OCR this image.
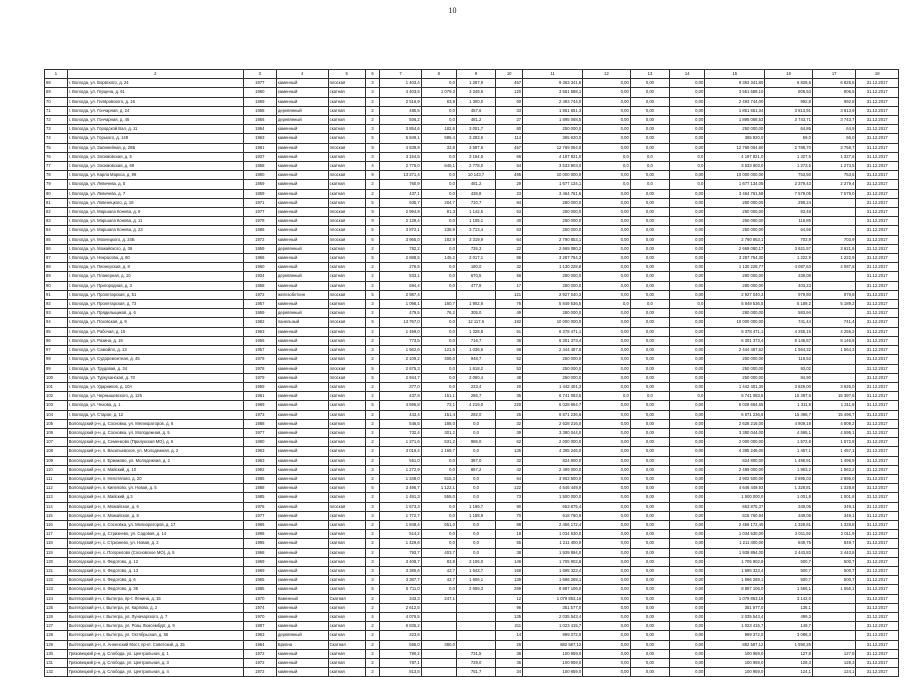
10
1	2	3	4	5	6	7	8	9	10	11	12	13	14	15	16	17	18
68	г. Вологда, ул. Ворвского, д. 24	1977	каменный	плоская	3	1 403,4	0,0	1 267,9	457	9 363 341,8	0,00	0,00	0,00	9 363 341,80	6 828,6	6 828,6	31.12.2017
69	г. Вологда, ул. Герцена, д. 61	1960	каменный	скатная	3	4 403,5	1 079,3	3 349,6	120	3 551 588,1	0,00	0,00	0,00	3 551 588,10	806,53	806,5	31.12.2017
70	г. Вологда, ул. Гиляровского, д. 16	1969	каменный	скатная	2	2 516,9	63,9	1 300,0	60	2 493 744,0	0,00	0,00	0,00	2 493 744,00	992,8	992,8	31.12.2017
71	г. Вологда, ул. Гончарная, д. 24	1958	деревянный	скатная	2	485,5	0,0	457,6	33	1 851 651,3	0,00	0,00	0,00	1 851 651,34	3 813,91	3 813,9	31.12.2017
72	г. Вологда, ул. Гончарная, д. 45	1956	деревянный	скатная	2	506,2	0,0	481,2	27	1 895 068,5	0,00	0,00	0,00	1 895 068,53	3 743,71	3 743,7	31.12.2017
73	г. Вологда, ул. Городской Вал, д. 11	1964	каменный	скатная	3	3 854,6	182,6	3 001,7	80	250 000,0	0,00	0,00	0,00	250 000,00	64,86	64,9	31.12.2017
74	г. Вологда, ул. Горького, д. 148	1963	каменный	скатная	5	5 849,1	595,4	3 283,6	114	365 920,0	0,00	0,00	0,00	365 920,0	69,0	66,0	31.12.2017
75	г. Вологда, ул. Залинейная, д. 28Б	1981	каменный	плоская	9	4 639,9	33,8	3 597,6	457	12 769 054,8	0,00	0,00	0,00	12 769 054,80	2 788,70	2 758,7	31.12.2017
76	г. Вологда, ул. Зосимовская, д. 5	1937	каменный	скатная	3	3 154,5	0,0	3 154,5	66	4 187 821,0	0,0	0,0	0,0	4 187 821,0	1 327,6	1 327,6	31.12.2017
77	г. Вологда, ул. Зосимовская, д. 69	1958	каменный	скатная	4	2 775,0	645,1	2 778,0	54	3 533 903,0	0,0	0,0	0,0	3 533 903,0	1 273,5	1 273,5	31.12.2017
78	г. Вологда, ул. Карла Маркса, д. 98	1990	каменный	плоская	9	13 271,4	0,0	10 143,7	495	10 000 000,0	0,00	0,00	0,00	10 000 000,00	753,50	753,5	31.12.2017
79	г. Вологда, ул. Левичева, д. 5	1959	каменный	скатная	2	760,9	0,0	481,2	29	1 677 134,1	0,0	0,0	0,0	1 677 134,05	2 379,43	2 379,4	31.12.2017
80	г. Вологда, ул. Левичева, д. 7	1959	каменный	скатная	2	437,1	0,0	436,8	23	3 464 761,6	0,00	0,00	0,00	3 464 761,58	7 579,05	7 579,0	31.12.2017
81	г. Вологда, ул. Ловенецкого, д. 18	1971	каменный	скатная	5	935,7	204,7	710,7	84	280 000,0	0,00	0,00	0,00	280 000,00	299,24		31.12.2017
82	г. Вологда, ул. Маршала Конева, д. 9	1977	каменный	плоская	9	2 994,9	81,3	1 142,5	53	250 000,0	0,00	0,00	0,00	250 000,00	83,48		31.12.2017
83	г. Вологда, ул. Маршала Конева, д. 11	1978	каменный	плоская	9	2 139,4	0,0	1 105,1	40	250 000,0	0,00	0,00	0,00	250 000,00	116,86		31.12.2017
84	г. Вологда, ул. Маршала Конева, д. 23	1986	каменный	плоская	5	3 872,1	238,9	3 713,4	53	250 000,0	0,00	0,00	0,00	250 000,00	64,56		31.12.2017
85	г. Вологда, ул. Мохнецкого, д. 24Б	1972	каменный	плоская	5	3 965,0	182,9	3 319,9	64	2 790 853,1	0,00	0,00	0,00	2 790 853,1	703,9	703,9	31.12.2017
86	г. Вологда, ул. Можайского, д. 36	1959	деревянный	скатная	2	782,2	0,0	735,3	22	2 669 080,2	0,00	0,00	0,00	2 669 080,17	3 621,57	3 621,6	31.12.2017
87	г. Вологда, ул. Некрасова, д. 60	1966	каменный	скатная	5	2 688,5	145,2	2 017,1	86	3 287 764,3	0,00	0,00	0,00	3 287 764,30	1 222,9	1 222,9	31.12.2017
88	г. Вологда, ул. Пионерская, д. 8	1960	каменный	скатная	2	276,5	0,0	180,0	32	1 130 228,8	0,00	0,00	0,00	1 130 228,77	4 087,63	4 087,6	31.12.2017
89	г. Вологда, ул. Планерная, д. 10	1934	деревянный	скатная	2	833,1	0,0	670,5	58	280 000,0	0,00	0,00	0,00	280 000,00	336,09		31.12.2017
90	г. Вологда, ул. Пригородная, д. 3	1958	каменный	скатная	2	694,4	0,0	477,8	17	280 000,0	0,00	0,00	0,00	280 000,00	403,23		31.12.2017
91	г. Вологда, ул. Пролетарская, д. 51	1972	железобетонн	плоская	5	2 987,4			121	2 927 040,3	0,00	0,00	0,00	2 927 040,3	979,80	979,8	31.12.2017
92	г. Вологда, ул. Пролетарская, д. 73	1957	каменный	скатная	3	1 098,1	160,7	1 902,6	76	5 849 536,5	0,0	0,0	0,0	5 849 536,5	5 189,2	5 189,2	31.12.2017
93	г. Вологда, ул. Прядильщиков, д. 6	1959	деревянный	скатная	2	479,5	76,2	305,0	49	280 000,0	0,00	0,00	0,00	280 000,00	583,94		31.12.2017
94	г. Вологда, ул. Псковская, д. 9	1982	панельный	плоская	9	13 767,0	0,0	12 117,6	192	10 000 000,0	0,00	0,00	0,00	10 000 000,00	741,44	741,4	31.12.2017
95	г. Вологда, ул. Рабочая, д. 15	1963	каменный	скатная	2	1 499,0	0,0	1 328,8	51	6 378 471,1	0,00	0,00	0,00	6 378 471,1	4 255,15	4 255,2	31.12.2017
96	г. Вологда, ул. Разина, д. 19	1956	каменный	скатная	2	773,5	0,0	716,7	36	6 301 373,4	0,00	0,00	0,00	6 301 373,4	8 146,57	8 146,6	31.12.2017
97	г. Вологда, ул. Самойло, д. 13	1957	каменный	скатная	3	1 562,6	121,5	1 036,6	66	2 444 487,6	0,00	0,00	0,00	2 444 487,62	1 564,32	1 564,3	31.12.2017
98	г. Вологда, ул. Судоремонтная, д. 45	1979	каменный	скатная	2	2 109,2	406,0	948,7	52	250 000,0	0,00	0,00	0,00	250 000,00	118,53		31.12.2017
99	г. Вологда, ул. Трудовая, д. 34	1978	каменный	плоская	5	2 675,3	0,0	1 618,2	53	250 000,0	0,00	0,00	0,00	250 000,00	93,02		31.12.2017
100	г. Вологда, ул. Туркуханская, д. 70	1979	каменный	плоская	5	2 944,7	0,0	2 060,4	48	250 000,0	0,00	0,00	0,00	250 000,00	84,90		31.12.2017
101	г. Вологда, ул. Ударников, д. 10А	1959	каменный	скатная	2	377,0	0,0	223,4	20	1 442 401,3	0,00	0,00	0,00	1 442 401,30	3 826,00	3 826,0	31.12.2017
102	г. Вологда, ул. Чернышевского, д. 125	1961	каменный	скатная	2	437,8	151,1	286,7	35	6 741 083,5	0,0	0,0	0,0	6 741 083,5	15 397,6	15 397,6	31.12.2017
103	г. Вологда, ул. Чехова, д. 1	1969	каменный	скатная	5	4 595,8	72,1	4 219,0	220	6 028 664,7	0,00	0,00	0,00	6 028 664,65	1 311,8	1 311,8	31.12.2017
104	г. Вологда, ул. Старое, д. 12	1973	каменный	скатная	2	443,4	151,4	292,0	25	6 871 236,6	0,00	0,00	0,00	6 871 236,6	15 496,7	15 496,7	31.12.2017
105	Вологодский р-н, д. Сосновка, ул. Мелиораторов, д. 6	1988	каменный	скатная	2	546,5	188,0	0,0	32	2 628 216,0	0,00	0,00	0,00	2 628 216,00	4 809,19	4 809,2	31.12.2017
106	Вологодский р-н, д. Сосновка, ул. Молодежная, д. 5	1977	каменный	скатная	2	732,4	301,2	0,0	39	3 380 044,0	0,00	0,00	0,00	3 380 044,00	4 595,1	4 595,1	31.12.2017
107	Вологодский р-н, д. Семенково (Прилукская МО), д. 5	1980	каменный	скатная	2	1 271,6	531,2	986,0	62	2 000 000,0	0,00	0,00	0,00	2 000 000,00	1 572,8	1 572,8	31.12.2017
108	Вологодский р-н, п. Васильевское, ул. Молодежная, д. 2	1983	каменный	скатная	2	3 016,4	1 169,7	0,0	135	4 395 246,0	0,00	0,00	0,00	4 395 246,00	1 457,1	1 457,1	31.12.2017
109	Вологодский р-н, п. Ермаково, ул. Молодежная, д. 2	1983	каменный	скатная	2	551,0	0,0	367,0	32	824 800,0	0,00	0,00	0,00	824 800,00	1 496,91	1 496,9	31.12.2017
110	Вологодский р-н, п. Майский, д. 10	1982	каменный	скатная	3	1 272,9	0,0	867,2	42	2 499 000,0	0,00	0,00	0,00	2 499 000,00	1 963,2	1 963,2	31.12.2017
111	Вологодский р-н, п. Непотягово, д. 20	1985	каменный	скатная	2	1 348,0	515,3	0,0	64	3 902 500,0	0,00	0,00	0,00	3 902 500,00	2 895,03	2 895,0	31.12.2017
112	Вологодский р-н, п. Кипелово, ул. Новая, д. 5	1988	каменный	скатная	5	3 496,7	1 122,1	0,0	122	4 646 449,9	0,00	0,00	0,00	4 646 449,93	1 328,81	1 328,8	31.12.2017
113	Вологодский р-н, п. Майский, д.3	1985	каменный	скатная	2	1 491,3	555,0	0,0	73	1 500 000,0	0,00	0,00	0,00	1 500 000,0	1 001,8	1 001,8	31.12.2017
114	Вологодский р-н, п. Можайское, д. 6	1976	каменный	плоская	3	1 673,3	0,0	1 199,7	90	653 875,4	0,00	0,00	0,00	653 875,37	349,05	349,1	31.12.2017
115	Вологодский р-н, п. Можайское, д. 8	1977	каменный	скатная	3	1 772,7	0,0	1 158,9	70	618 760,9	0,00	0,00	0,00	618 760,94	349,05	349,1	31.12.2017
116	Вологодский р-н, п. Сосновка, ул. Мелиораторов, д. 17	1966	каменный	скатная	2	1 848,4	651,0	0,0	98	2 456 172,4	0,00	0,00	0,00	2 456 172,40	1 328,81	1 328,8	31.12.2017
117	Вологодский р-н, д. Стризнево, ул. Садовая, д. 14	1996	каменный	скатная	2	514,2	0,0	0,0	18	1 034 530,0	0,00	0,00	0,00	1 034 530,00	2 011,92	2 011,9	31.12.2017
118	Вологодский р-н, с. Стризнево, ул. Новая, д. 2	1995	каменный	скатная	2	1 429,6	0,0	0,0	55	1 211 400,0	0,00	0,00	0,00	1 211 400,00	849,75	849,7	31.12.2017
119	Вологодский р-н, с. Погорелово (Сосновское МО), д. 5	1968	каменный	скатная	2	793,7	403,7	0,0	38	1 939 894,0	0,00	0,00	0,00	1 939 894,00	2 443,83	2 443,8	31.12.2017
120	Вологодский р-н, п. Федотово, д. 12	1969	каменный	скатная	3	3 408,7	83,8	2 106,0	146	1 705 902,8	0,00	0,00	0,00	1 705 902,8	500,7	500,7	31.12.2017
121	Вологодский р-н, п. Федотово, д. 13	1969	каменный	скатная	3	3 385,6	42,7	1 643,7	168	1 695 323,4	0,00	0,00	0,00	1 695 323,4	500,7	500,7	31.12.2017
122	Вологодский р-н, п. Федотово, д. 6	1965	каменный	скатная	3	3 387,7	42,7	1 606,1	139	1 696 269,1	0,00	0,00	0,00	1 696 269,1	500,7	500,7	31.12.2017
123	Вологодский р-н, п. Федотово, д. 35	1985	каменный	скатная	5	5 711,0	0,0	2 659,3	299	8 887 106,0	0,00	0,00	0,00	8 887 106,0	1 556,1	1 556,1	31.12.2017
124	Вытегорский р-н, г. Вытегра, пр-т. Ленина, д. 15	1970	Каменный	Скатная	2	343,3	247,1		12	1 079 853,16	0,00	0,00	0,00	1 079 853,16	3 142,0		31.12.2017
125	Вытегорский р-н, г. Вытегра, ул. Карпова, д. 2	1974	каменный	скатная	2	2 612,5			96	351 577,0	0,00	0,00	0,00	351 577,0	135,1		31.12.2017
126	Вытегорский р-н, г. Вытегра, ул. Луначарского, д. 7	1970	каменный	скатная	4	4 076,5			135	2 035 543,4	0,00	0,00	0,00	2 035 543,4	499,3		31.12.2017
127	Вытегорский р-н, г. Вытегра, ул. Розы Люксембург, д. 9	1987	каменный	скатная	2	6 835,2			211	1 023 415,7	0,00	0,00	0,00	1 023 415,7	149,7		31.12.2017
128	Вытегорский р-н, г. Вытегра, ул. Октябрьская, д. 55	1983	деревянный	скатная	2	323,6			14	999 372,0	0,00	0,00	0,00	999 372,0	3 088,3		31.12.2017
129	Вытегорский р-н, п. Анненский Мост, пр-кт. Советский, д. 25	1964	Бревна	Скатная	2	555,0	380,0		26	882 587,12	0,00	0,00	0,00	882 587,12	1 590,26		31.12.2017
130	Грязовецкий р-н, д. Слобода, ул. Центральная, д. 1	1972	каменный	скатная	2	790,2		731,5	36	100 959,0	0,00	0,00	0,00	100 959,0	127,8	127,8	31.12.2017
131	Грязовецкий р-н, д. Слобода, ул. Центральная, д. 3	1972	каменный	скатная	2	787,1		729,0	36	100 959,0	0,00	0,00	0,00	100 959,0	128,3	128,3	31.12.2017
132	Грязовецкий р-н, д. Слобода, ул. Центральная, д. 4	1972	каменный	скатная	2	813,5		751,7	34	100 959,0	0,00	0,00	0,00	100 959,0	124,1	124,1	31.12.2017
